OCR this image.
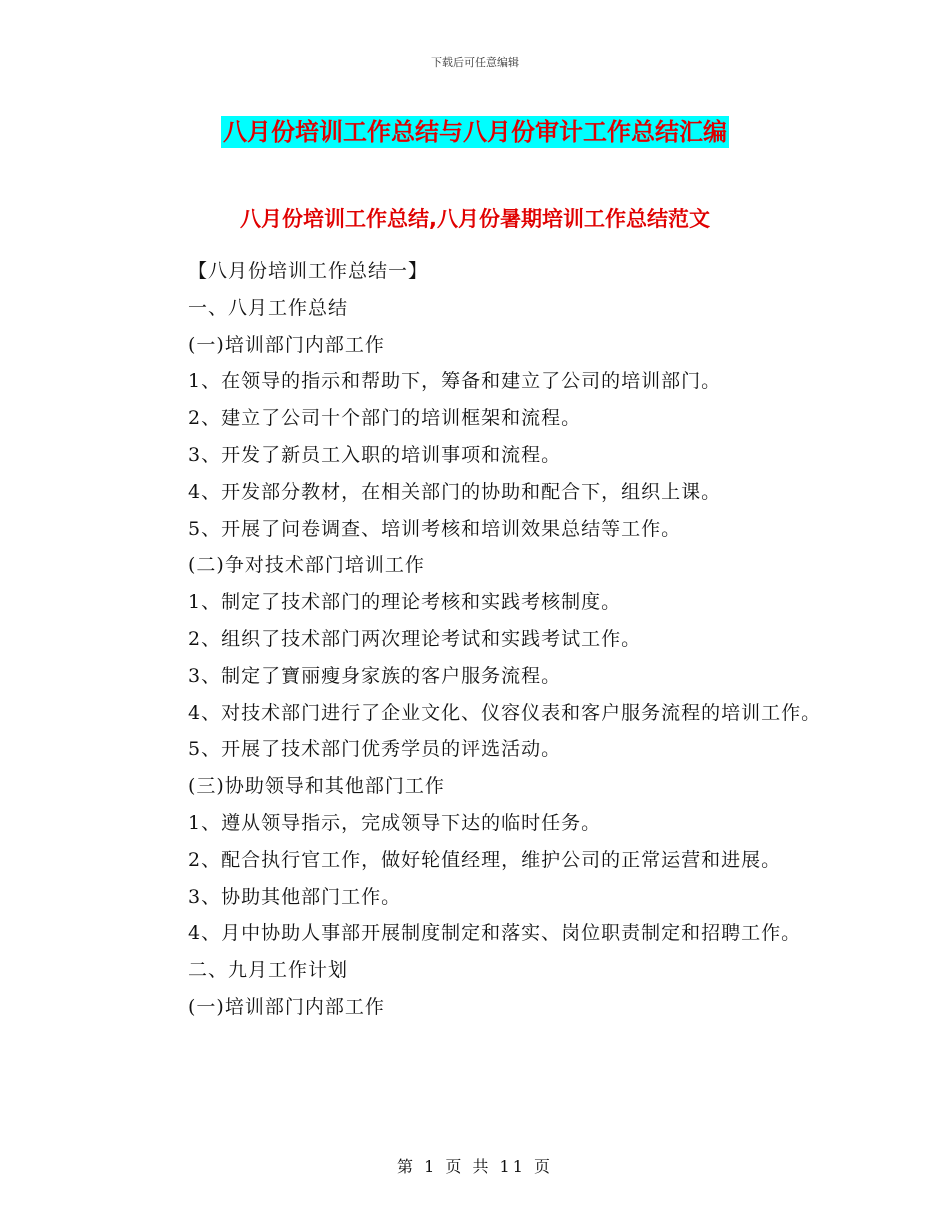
下载后可任意编辑
八月份培训工作总结与八月份审计工作总结汇编
八月份培训工作总结,八月份暑期培训工作总结范文

【八月份培训工作总结一】

一、八月工作总结

(一)培训部门内部工作

1、在领导的指示和帮助下，筹备和建立了公司的培训部门。

2、建立了公司十个部门的培训框架和流程。

3、开发了新员工入职的培训事项和流程。

4、开发部分教材，在相关部门的协助和配合下，组织上课。

5、开展了问卷调查、培训考核和培训效果总结等工作。

(二)争对技术部门培训工作

1、制定了技术部门的理论考核和实践考核制度。

2、组织了技术部门两次理论考试和实践考试工作。

3、制定了寶丽瘦身家族的客户服务流程。

4、对技术部门进行了企业文化、仪容仪表和客户服务流程的培训工作。

5、开展了技术部门优秀学员的评选活动。

(三)协助领导和其他部门工作

1、遵从领导指示，完成领导下达的临时任务。

2、配合执行官工作，做好轮值经理，维护公司的正常运营和进展。

3、协助其他部门工作。

4、月中协助人事部开展制度制定和落实、岗位职责制定和招聘工作。

二、九月工作计划

(一)培训部门内部工作

第 1 页 共 11 页
